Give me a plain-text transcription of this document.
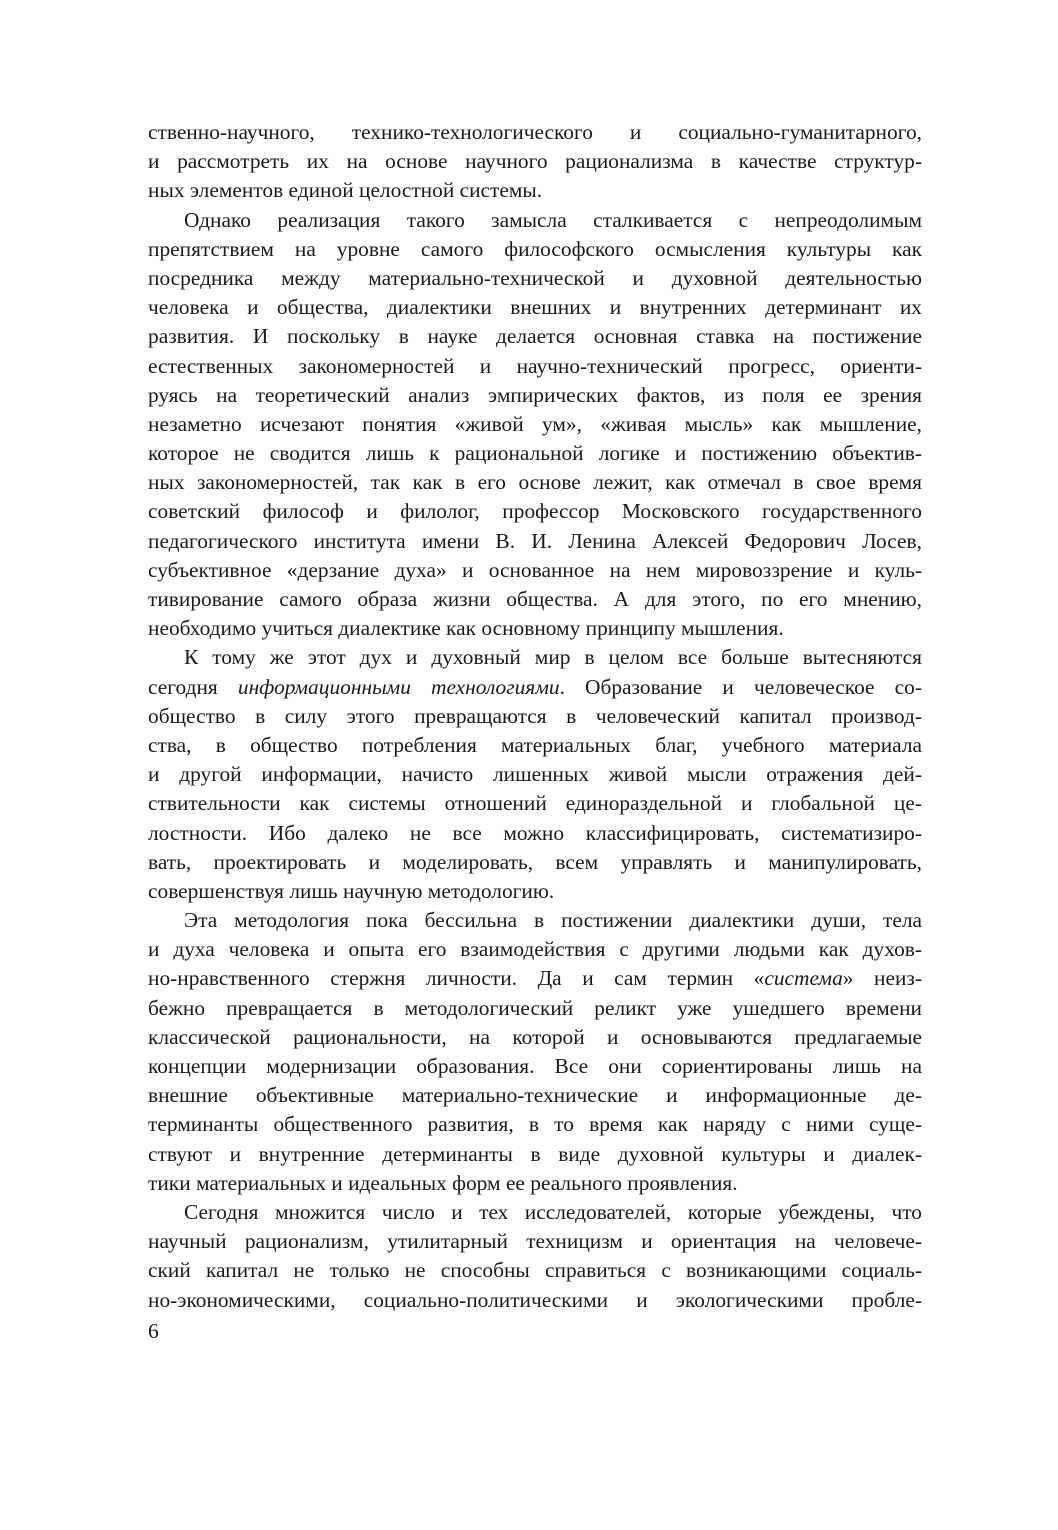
ственно-научного, технико-технологического и социально-гуманитарного,
и рассмотреть их на основе научного рационализма в качестве структур-
ных элементов единой целостной системы.
Однако реализация такого замысла сталкивается с непреодолимым
препятствием на уровне самого философского осмысления культуры как
посредника между материально-технической и духовной деятельностью
человека и общества, диалектики внешних и внутренних детерминант их
развития. И поскольку в науке делается основная ставка на постижение
естественных закономерностей и научно-технический прогресс, ориенти-
руясь на теоретический анализ эмпирических фактов, из поля ее зрения
незаметно исчезают понятия «живой ум», «живая мысль» как мышление,
которое не сводится лишь к рациональной логике и постижению объектив-
ных закономерностей, так как в его основе лежит, как отмечал в свое время
советский философ и филолог, профессор Московского государственного
педагогического института имени В. И. Ленина Алексей Федорович Лосев,
субъективное «дерзание духа» и основанное на нем мировоззрение и куль-
тивирование самого образа жизни общества. А для этого, по его мнению,
необходимо учиться диалектике как основному принципу мышления.
К тому же этот дух и духовный мир в целом все больше вытесняются
сегодня информационными технологиями. Образование и человеческое со-
общество в силу этого превращаются в человеческий капитал производ-
ства, в общество потребления материальных благ, учебного материала
и другой информации, начисто лишенных живой мысли отражения дей-
ствительности как системы отношений единораздельной и глобальной це-
лостности. Ибо далеко не все можно классифицировать, систематизиро-
вать, проектировать и моделировать, всем управлять и манипулировать,
совершенствуя лишь научную методологию.
Эта методология пока бессильна в постижении диалектики души, тела
и духа человека и опыта его взаимодействия с другими людьми как духов-
но-нравственного стержня личности. Да и сам термин «система» неиз-
бежно превращается в методологический реликт уже ушедшего времени
классической рациональности, на которой и основываются предлагаемые
концепции модернизации образования. Все они сориентированы лишь на
внешние объективные материально-технические и информационные де-
терминанты общественного развития, в то время как наряду с ними суще-
ствуют и внутренние детерминанты в виде духовной культуры и диалек-
тики материальных и идеальных форм ее реального проявления.
Сегодня множится число и тех исследователей, которые убеждены, что
научный рационализм, утилитарный техницизм и ориентация на человече-
ский капитал не только не способны справиться с возникающими социаль-
но-экономическими, социально-политическими и экологическими пробле-
6
